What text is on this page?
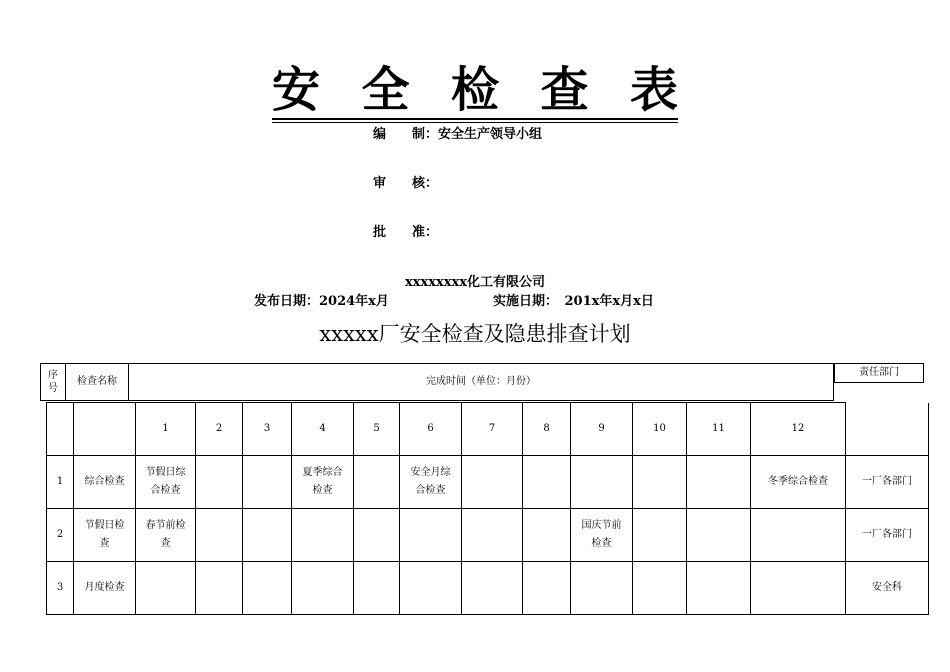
安 全 检 查 表
编　　制：安全生产领导小组
审　　核：
批　　准：
xxxxxxxx化工有限公司
发布日期：2024年x月	实施日期：　201x年x月x日
xxxxx厂安全检查及隐患排查计划
序号	检查名称	完成时间（单位：月份）
责任部门
		1	2	3	4	5	6	7	8	9	10	11	12	
1	综合检查	节假日综合检查			夏季综合检查		安全月综合检查						冬季综合检查	一厂各部门
2	节假日检查	春节前检查								国庆节前检查				一厂各部门
3	月度检查													安全科
